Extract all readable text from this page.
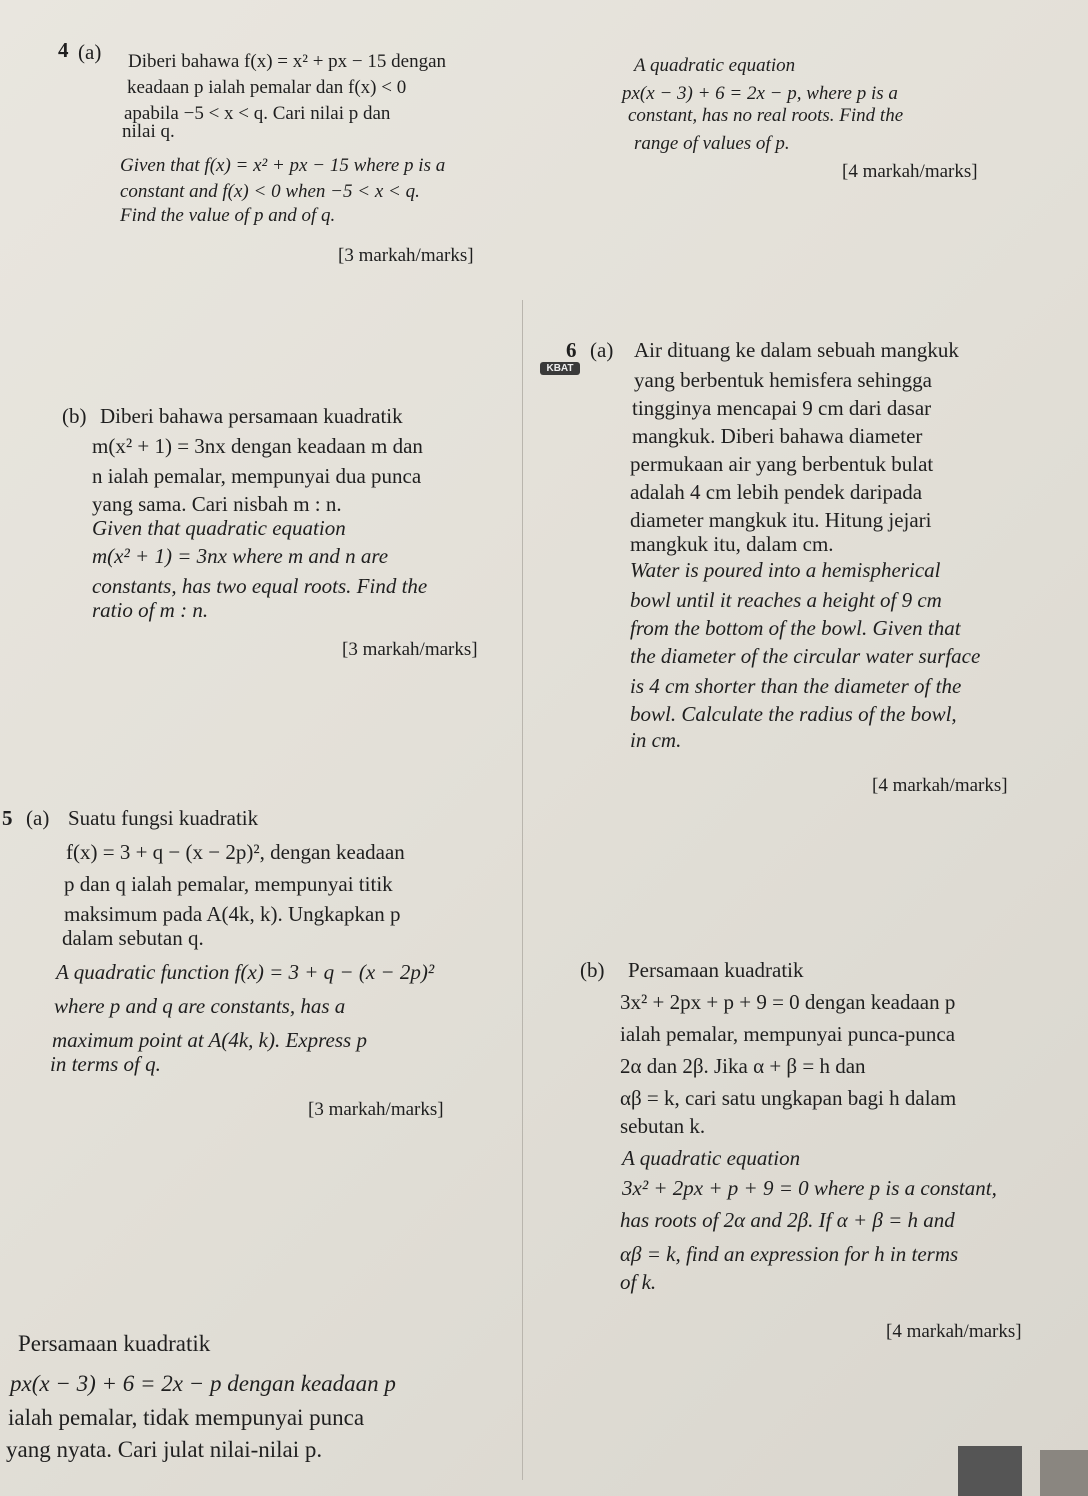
4 (a) Diberi bahawa f(x) = x² + px − 15 dengan
keadaan p ialah pemalar dan f(x) < 0
apabila −5 < x < q. Cari nilai p dan
nilai q.
Given that f(x) = x² + px − 15 where p is a
constant and f(x) < 0 when −5 < x < q.
Find the value of p and of q.
[3 markah/marks]
(b) Diberi bahawa persamaan kuadratik
m(x² + 1) = 3nx dengan keadaan m dan
n ialah pemalar, mempunyai dua punca
yang sama. Cari nisbah m : n.
Given that quadratic equation
m(x² + 1) = 3nx where m and n are
constants, has two equal roots. Find the
ratio of m : n.
[3 markah/marks]
A quadratic equation
px(x − 3) + 6 = 2x − p, where p is a
constant, has no real roots. Find the
range of values of p.
[4 markah/marks]
6 (a)
KBAT
Air dituang ke dalam sebuah mangkuk
yang berbentuk hemisfera sehingga
tingginya mencapai 9 cm dari dasar
mangkuk. Diberi bahawa diameter
permukaan air yang berbentuk bulat
adalah 4 cm lebih pendek daripada
diameter mangkuk itu. Hitung jejari
mangkuk itu, dalam cm.
Water is poured into a hemispherical
bowl until it reaches a height of 9 cm
from the bottom of the bowl. Given that
the diameter of the circular water surface
is 4 cm shorter than the diameter of the
bowl. Calculate the radius of the bowl,
in cm.
[4 markah/marks]
5 (a) Suatu fungsi kuadratik
f(x) = 3 + q − (x − 2p)², dengan keadaan
p dan q ialah pemalar, mempunyai titik
maksimum pada A(4k, k). Ungkapkan p
dalam sebutan q.
A quadratic function f(x) = 3 + q − (x − 2p)²
where p and q are constants, has a
maximum point at A(4k, k). Express p
in terms of q.
[3 markah/marks]
(b) Persamaan kuadratik
3x² + 2px + p + 9 = 0 dengan keadaan p
ialah pemalar, mempunyai punca-punca
2α dan 2β. Jika α + β = h dan
αβ = k, cari satu ungkapan bagi h dalam
sebutan k.
A quadratic equation
3x² + 2px + p + 9 = 0 where p is a constant,
has roots of 2α and 2β. If α + β = h and
αβ = k, find an expression for h in terms
of k.
[4 markah/marks]
Persamaan kuadratik
px(x − 3) + 6 = 2x − p dengan keadaan p
ialah pemalar, tidak mempunyai punca
yang nyata. Cari julat nilai-nilai p.
